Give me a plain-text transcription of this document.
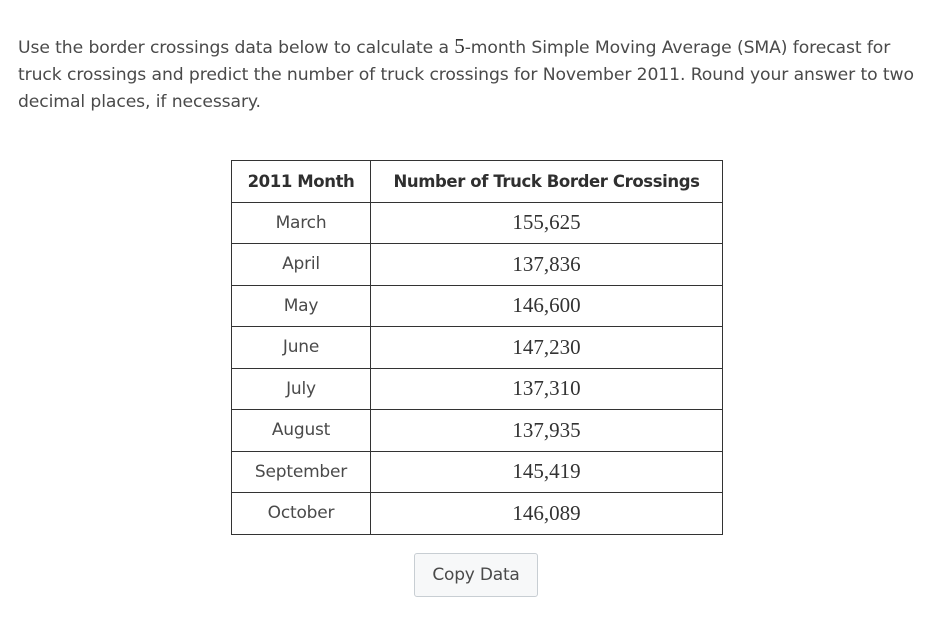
Use the border crossings data below to calculate a 5-month Simple Moving Average (SMA) forecast for truck crossings and predict the number of truck crossings for November 2011. Round your answer to two decimal places, if necessary.
2011 Month	Number of Truck Border Crossings
March	155,625
April	137,836
May	146,600
June	147,230
July	137,310
August	137,935
September	145,419
October	146,089
Copy Data
